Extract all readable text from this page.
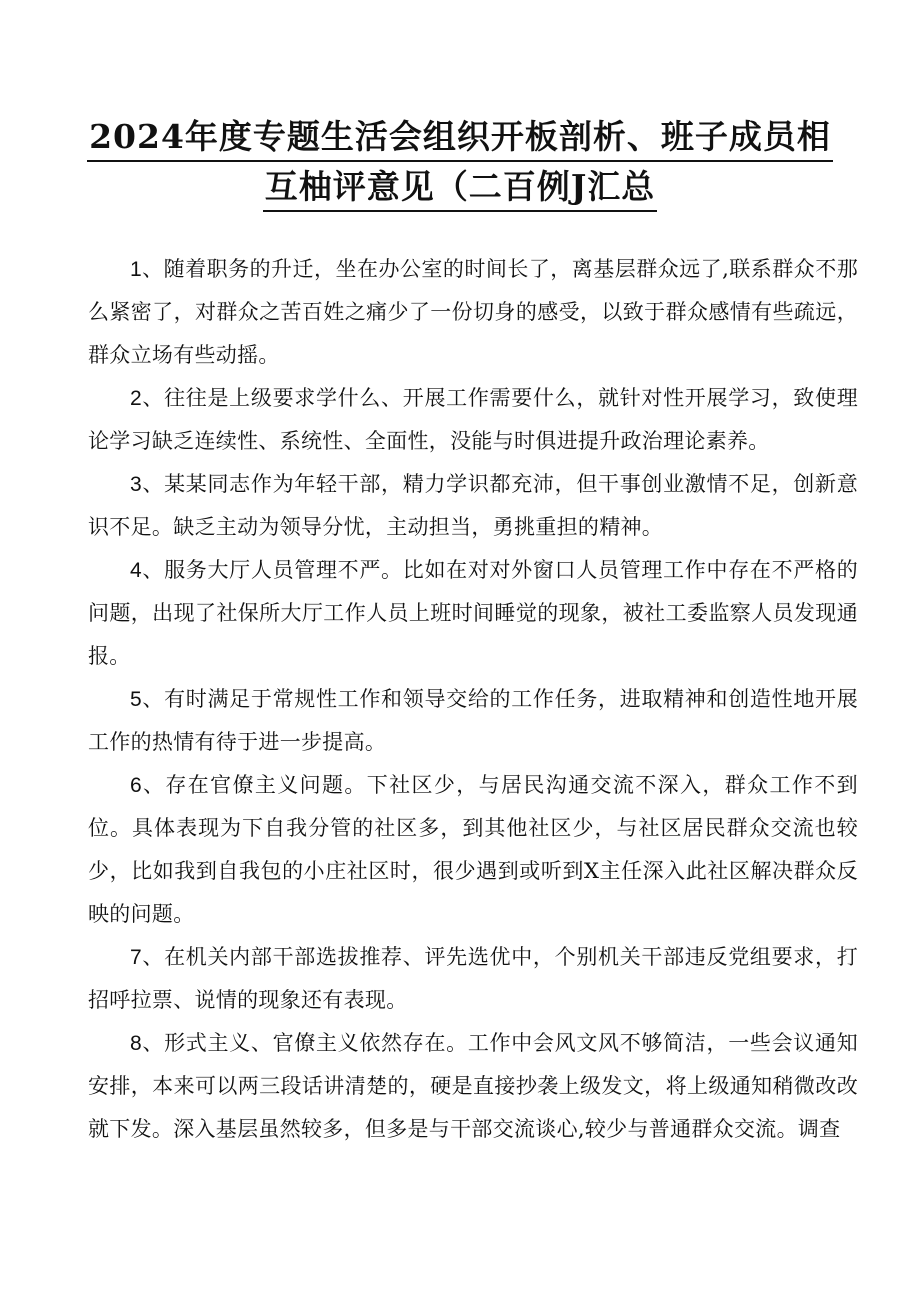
2024年度专题生活会组织开板剖析、班子成员相
互柚评意见（二百例J汇总

1、随着职务的升迁，坐在办公室的时间长了，离基层群众远了,联系群众不那么紧密了，对群众之苦百姓之痛少了一份切身的感受，以致于群众感情有些疏远，群众立场有些动摇。

2、往往是上级要求学什么、开展工作需要什么，就针对性开展学习，致使理论学习缺乏连续性、系统性、全面性，没能与时俱进提升政治理论素养。

3、某某同志作为年轻干部，精力学识都充沛，但干事创业激情不足，创新意识不足。缺乏主动为领导分忧，主动担当，勇挑重担的精神。

4、服务大厅人员管理不严。比如在对对外窗口人员管理工作中存在不严格的问题，出现了社保所大厅工作人员上班时间睡觉的现象，被社工委监察人员发现通报。

5、有时满足于常规性工作和领导交给的工作任务，进取精神和创造性地开展工作的热情有待于进一步提高。

6、存在官僚主义问题。下社区少，与居民沟通交流不深入，群众工作不到位。具体表现为下自我分管的社区多，到其他社区少，与社区居民群众交流也较少，比如我到自我包的小庄社区时，很少遇到或听到X主任深入此社区解决群众反映的问题。

7、在机关内部干部选拔推荐、评先选优中，个别机关干部违反党组要求，打招呼拉票、说情的现象还有表现。

8、形式主义、官僚主义依然存在。工作中会风文风不够简洁，一些会议通知安排，本来可以两三段话讲清楚的，硬是直接抄袭上级发文，将上级通知稍微改改就下发。深入基层虽然较多，但多是与干部交流谈心,较少与普通群众交流。调查
